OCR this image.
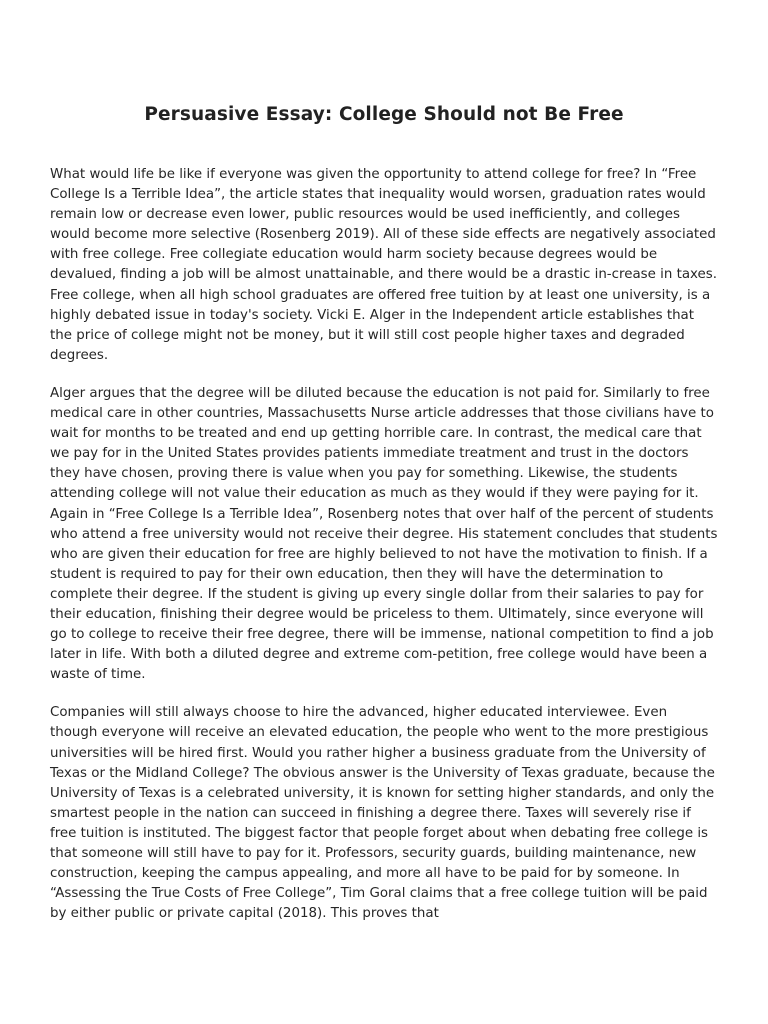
Persuasive Essay: College Should not Be Free

What would life be like if everyone was given the opportunity to attend college for free? In “Free College Is a Terrible Idea”, the article states that inequality would worsen, graduation rates would remain low or decrease even lower, public resources would be used inefficiently, and colleges would become more selective (Rosenberg 2019). All of these side effects are negatively associated with free college. Free collegiate education would harm society because degrees would be devalued, finding a job will be almost unattainable, and there would be a drastic in-crease in taxes. Free college, when all high school graduates are offered free tuition by at least one university, is a highly debated issue in today's society. Vicki E. Alger in the Independent article establishes that the price of college might not be money, but it will still cost people higher taxes and degraded degrees.

Alger argues that the degree will be diluted because the education is not paid for. Similarly to free medical care in other countries, Massachusetts Nurse article addresses that those civilians have to wait for months to be treated and end up getting horrible care. In contrast, the medical care that we pay for in the United States provides patients immediate treatment and trust in the doctors they have chosen, proving there is value when you pay for something. Likewise, the students attending college will not value their education as much as they would if they were paying for it. Again in “Free College Is a Terrible Idea”, Rosenberg notes that over half of the percent of students who attend a free university would not receive their degree. His statement concludes that students who are given their education for free are highly believed to not have the motivation to finish. If a student is required to pay for their own education, then they will have the determination to complete their degree. If the student is giving up every single dollar from their salaries to pay for their education, finishing their degree would be priceless to them. Ultimately, since everyone will go to college to receive their free degree, there will be immense, national competition to find a job later in life. With both a diluted degree and extreme com-petition, free college would have been a waste of time.

Companies will still always choose to hire the advanced, higher educated interviewee. Even though everyone will receive an elevated education, the people who went to the more prestigious universities will be hired first. Would you rather higher a business graduate from the University of Texas or the Midland College? The obvious answer is the University of Texas graduate, because the University of Texas is a celebrated university, it is known for setting higher standards, and only the smartest people in the nation can succeed in finishing a degree there. Taxes will severely rise if free tuition is instituted. The biggest factor that people forget about when debating free college is that someone will still have to pay for it. Professors, security guards, building maintenance, new construction, keeping the campus appealing, and more all have to be paid for by someone. In “Assessing the True Costs of Free College”, Tim Goral claims that a free college tuition will be paid by either public or private capital (2018). This proves that
